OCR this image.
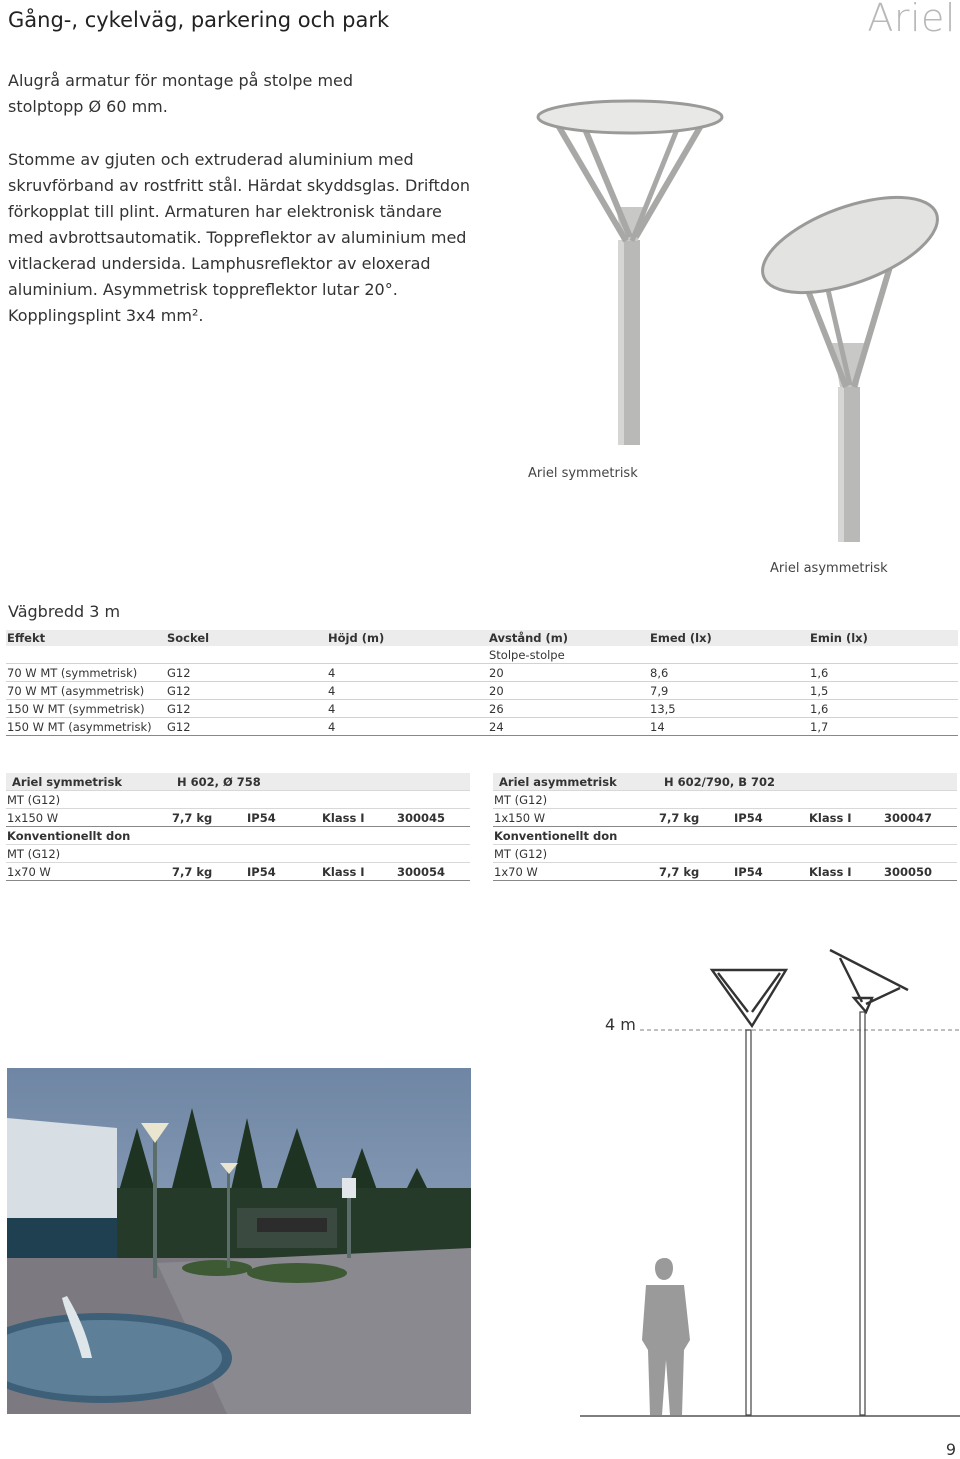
Gång-, cykelväg, parkering och park	Ariel
Alugrå armatur för montage på stolpe med stolptopp Ø 60 mm.
Stomme av gjuten och extruderad aluminium med skruvförband av rostfritt stål. Härdat skyddsglas. Driftdon förkopplat till plint. Armaturen har elektronisk tändare med avbrottsautomatik. Toppreflektor av aluminium med vitlackerad undersida. Lamphusreflektor av eloxerad aluminium. Asymmetrisk toppreflektor lutar 20°. Kopplingsplint 3x4 mm².
Ariel symmetrisk
Ariel asymmetrisk
Vägbredd 3 m
Effekt	Sockel	Höjd (m)	Avstånd (m)	Emed (lx)	Emin (lx)
			Stolpe-stolpe		
70 W MT (symmetrisk)	G12	4	20	8,6	1,6
70 W MT (asymmetrisk)	G12	4	20	7,9	1,5
150 W MT (symmetrisk)	G12	4	26	13,5	1,6
150 W MT (asymmetrisk)	G12	4	24	14	1,7
Ariel symmetrisk	H 602, Ø 758			
MT (G12)				
1x150 W	7,7 kg	IP54	Klass I	300045
Konventionellt don				
MT (G12)				
1x70 W	7,7 kg	IP54	Klass I	300054
Ariel asymmetrisk	H 602/790, B 702			
MT (G12)				
1x150 W	7,7 kg	IP54	Klass I	300047
Konventionellt don				
MT (G12)				
1x70 W	7,7 kg	IP54	Klass I	300050
4 m
9
